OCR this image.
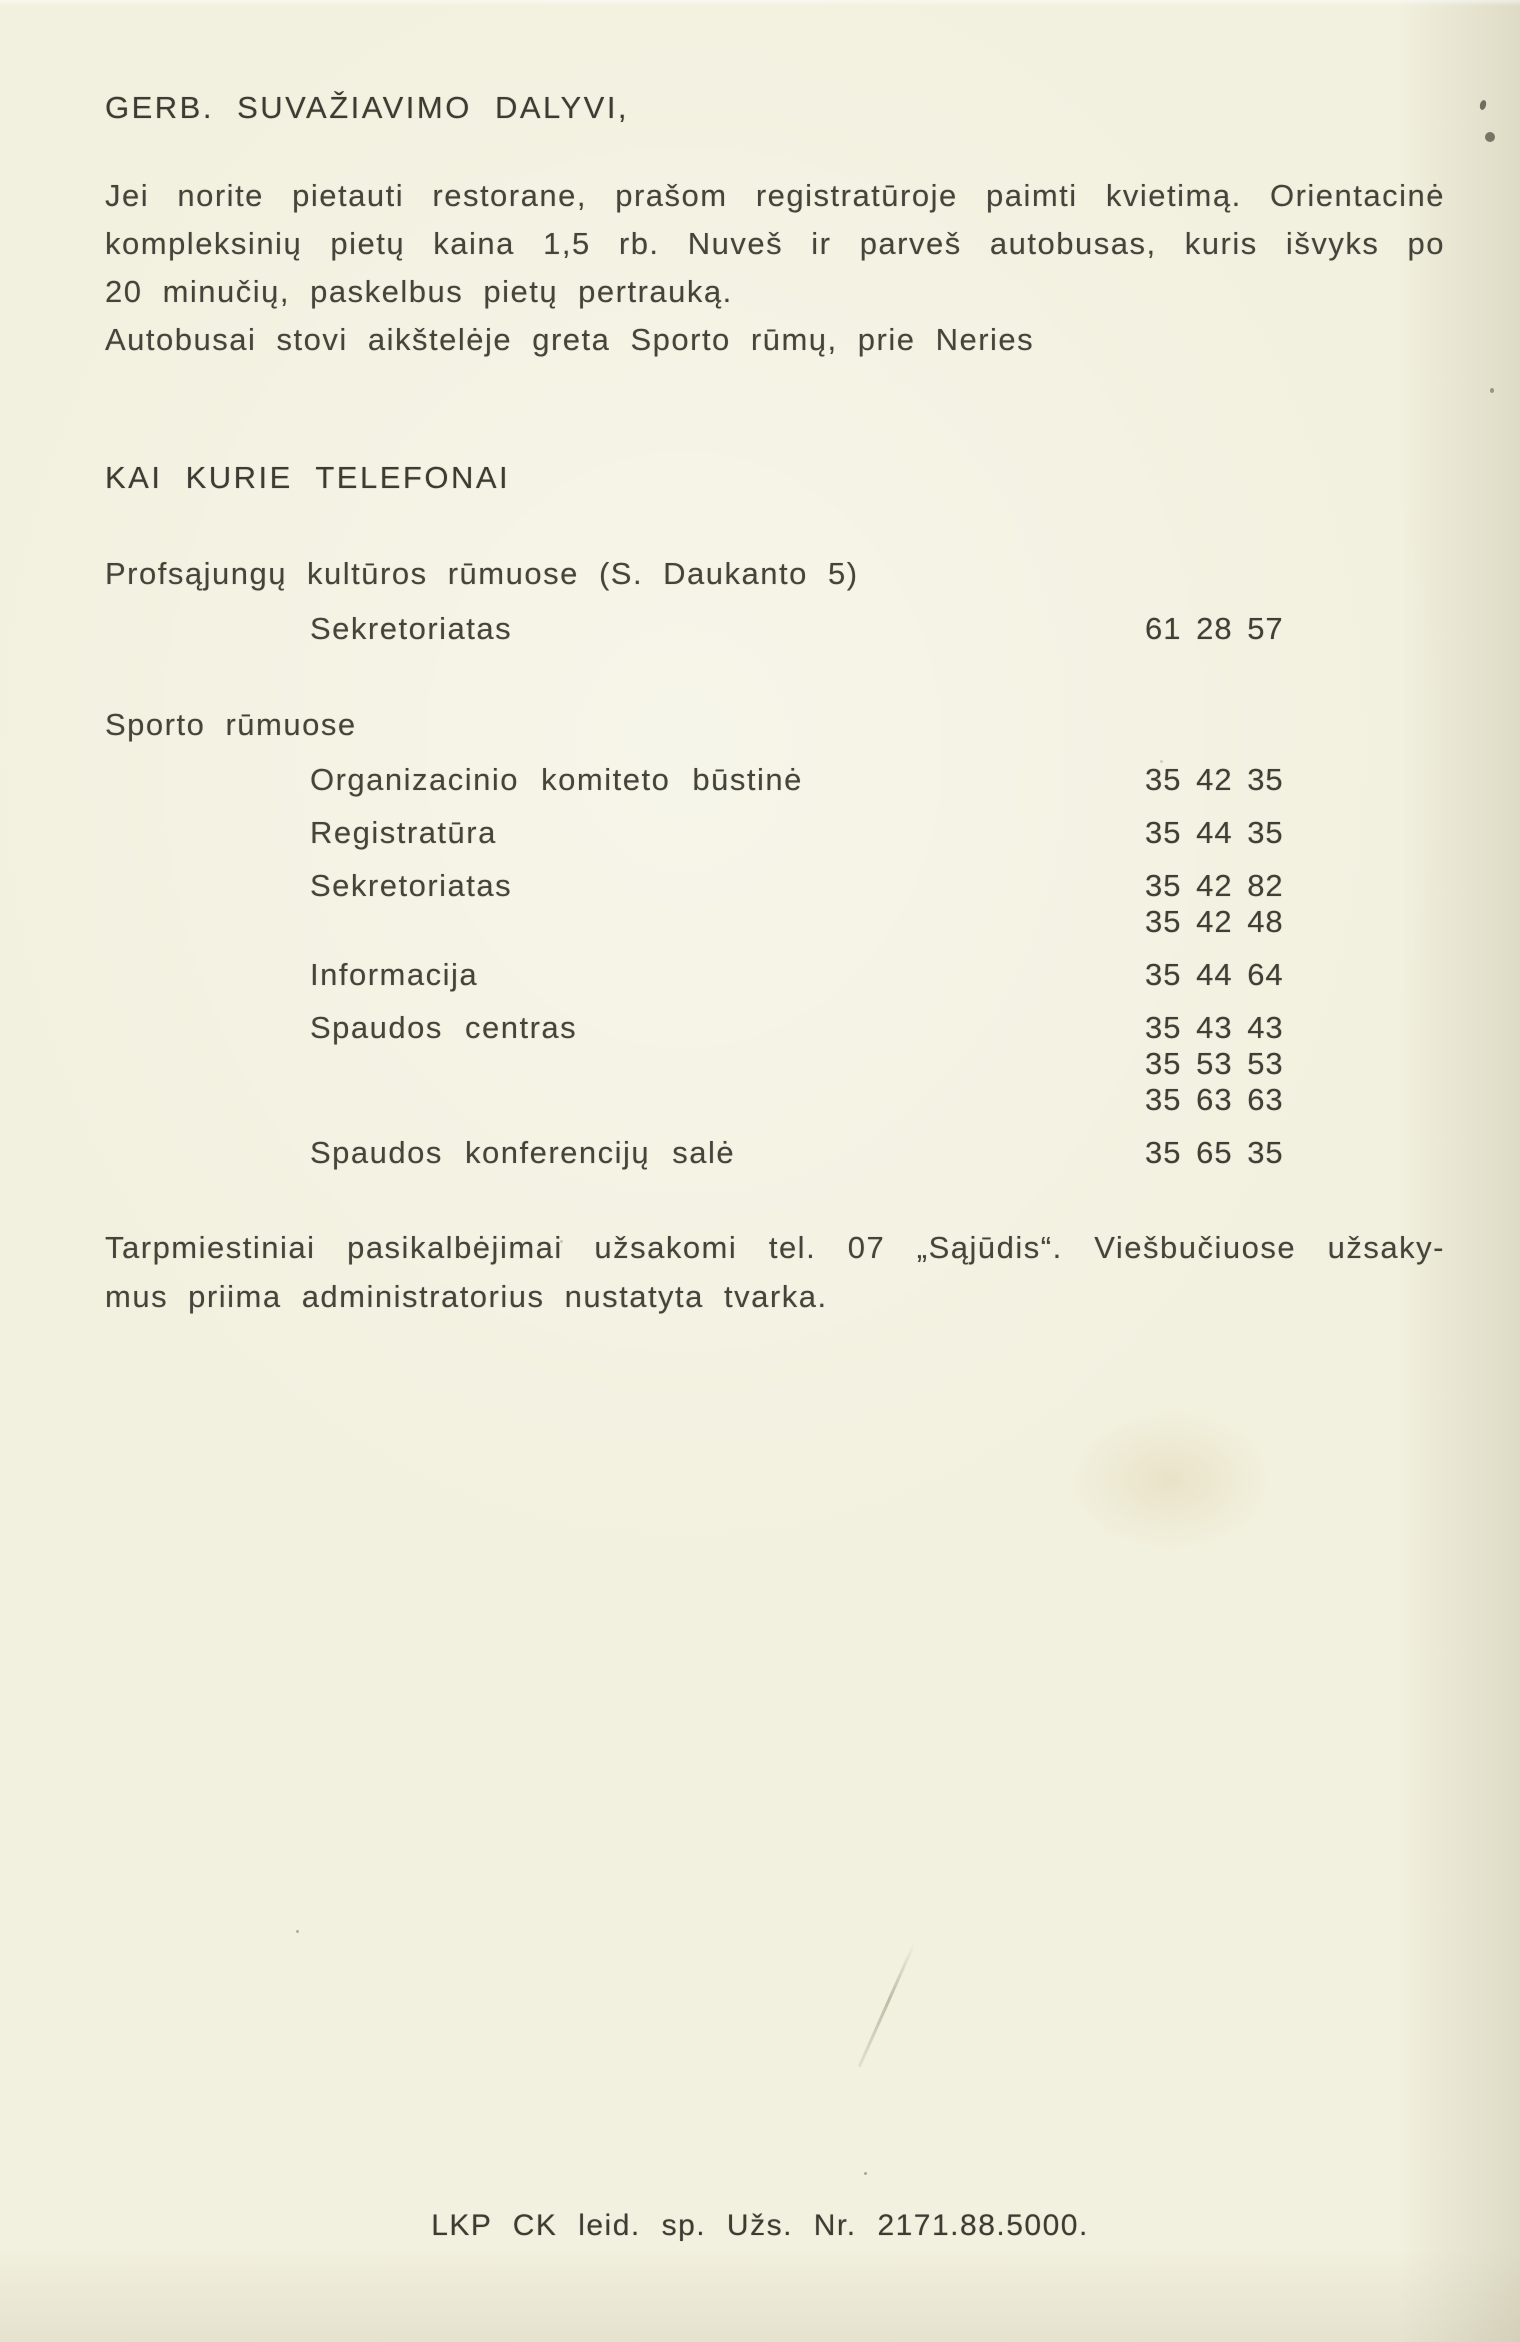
GERB. SUVAŽIAVIMO DALYVI,
Jei norite pietauti restorane, prašom registratūroje paimti kvietimą. Orientacinė
kompleksinių pietų kaina 1,5 rb. Nuveš ir parveš autobusas, kuris išvyks po
20 minučių, paskelbus pietų pertrauką.
Autobusai stovi aikštelėje greta Sporto rūmų, prie Neries
KAI KURIE TELEFONAI
Profsąjungų kultūros rūmuose (S. Daukanto 5)
Sekretoriatas	61 28 57
Sporto rūmuose
Organizacinio komiteto būstinė	35 42 35
Registratūra	35 44 35
Sekretoriatas	35 42 82
35 42 48
Informacija	35 44 64
Spaudos centras	35 43 43
35 53 53
35 63 63
Spaudos konferencijų salė	35 65 35
Tarpmiestiniai pasikalbėjimai užsakomi tel. 07 „Sąjūdis“. Viešbučiuose užsaky-
mus priima administratorius nustatyta tvarka.
LKP CK leid. sp. Užs. Nr. 2171.88.5000.
